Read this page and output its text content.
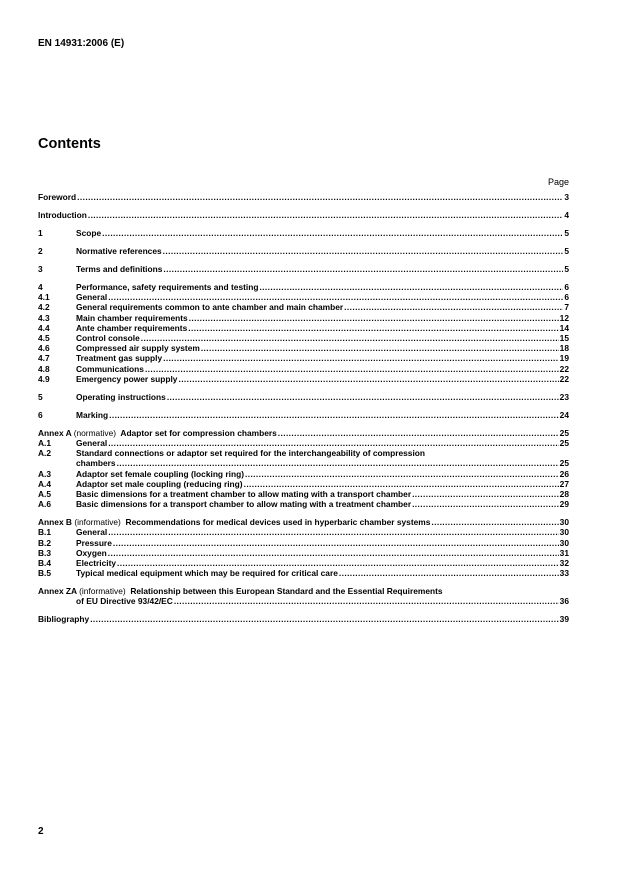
EN 14931:2006 (E)
Contents
Page
Foreword .....	3
Introduction .....	4
1	Scope .....	5
2	Normative references .....	5
3	Terms and definitions .....	5
4	Performance, safety requirements and testing .....	6
4.1	General .....	6
4.2	General requirements common to ante chamber and main chamber .....	7
4.3	Main chamber requirements .....	12
4.4	Ante chamber requirements .....	14
4.5	Control console .....	15
4.6	Compressed air supply system .....	18
4.7	Treatment gas supply .....	19
4.8	Communications .....	22
4.9	Emergency power supply .....	22
5	Operating instructions .....	23
6	Marking .....	24
Annex A (normative) Adaptor set for compression chambers .....	25
A.1	General .....	25
A.2	Standard connections or adaptor set required for the interchangeability of compression
chambers .....	25
A.3	Adaptor set female coupling (locking ring) .....	26
A.4	Adaptor set male coupling (reducing ring) .....	27
A.5	Basic dimensions for a treatment chamber to allow mating with a transport chamber .....	28
A.6	Basic dimensions for a transport chamber to allow mating with a treatment chamber .....	29
Annex B (informative) Recommendations for medical devices used in hyperbaric chamber systems .....	30
B.1	General .....	30
B.2	Pressure .....	30
B.3	Oxygen .....	31
B.4	Electricity .....	32
B.5	Typical medical equipment which may be required for critical care .....	33
Annex ZA (informative) Relationship between this European Standard and the Essential Requirements
of EU Directive 93/42/EC .....	36
Bibliography .....	39
2
